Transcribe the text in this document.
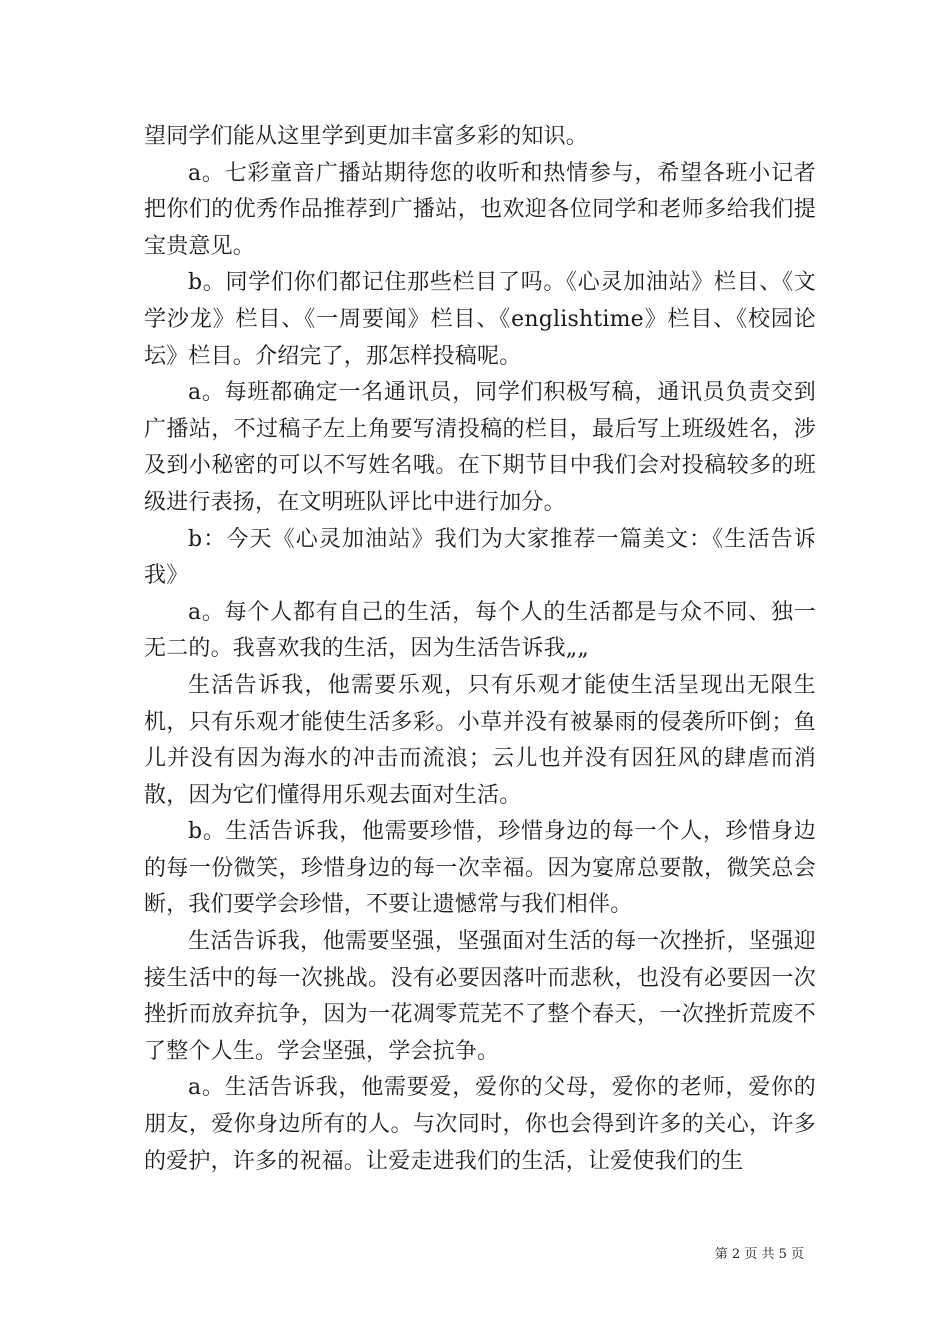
望同学们能从这里学到更加丰富多彩的知识。

a。七彩童音广播站期待您的收听和热情参与，希望各班小记者把你们的优秀作品推荐到广播站，也欢迎各位同学和老师多给我们提宝贵意见。

b。同学们你们都记住那些栏目了吗。《心灵加油站》栏目、《文学沙龙》栏目、《一周要闻》栏目、《englishtime》栏目、《校园论坛》栏目。介绍完了，那怎样投稿呢。

a。每班都确定一名通讯员，同学们积极写稿，通讯员负责交到广播站，不过稿子左上角要写清投稿的栏目，最后写上班级姓名，涉及到小秘密的可以不写姓名哦。在下期节目中我们会对投稿较多的班级进行表扬，在文明班队评比中进行加分。

b：今天《心灵加油站》我们为大家推荐一篇美文：《生活告诉我》

a。每个人都有自己的生活，每个人的生活都是与众不同、独一无二的。我喜欢我的生活，因为生活告诉我„„

生活告诉我，他需要乐观，只有乐观才能使生活呈现出无限生机，只有乐观才能使生活多彩。小草并没有被暴雨的侵袭所吓倒；鱼儿并没有因为海水的冲击而流浪；云儿也并没有因狂风的肆虐而消散，因为它们懂得用乐观去面对生活。

b。生活告诉我，他需要珍惜，珍惜身边的每一个人，珍惜身边的每一份微笑，珍惜身边的每一次幸福。因为宴席总要散，微笑总会断，我们要学会珍惜，不要让遗憾常与我们相伴。

生活告诉我，他需要坚强，坚强面对生活的每一次挫折，坚强迎接生活中的每一次挑战。没有必要因落叶而悲秋，也没有必要因一次挫折而放弃抗争，因为一花凋零荒芜不了整个春天，一次挫折荒废不了整个人生。学会坚强，学会抗争。

a。生活告诉我，他需要爱，爱你的父母，爱你的老师，爱你的朋友，爱你身边所有的人。与次同时，你也会得到许多的关心，许多的爱护，许多的祝福。让爱走进我们的生活，让爱使我们的生

第 2 页 共 5 页
